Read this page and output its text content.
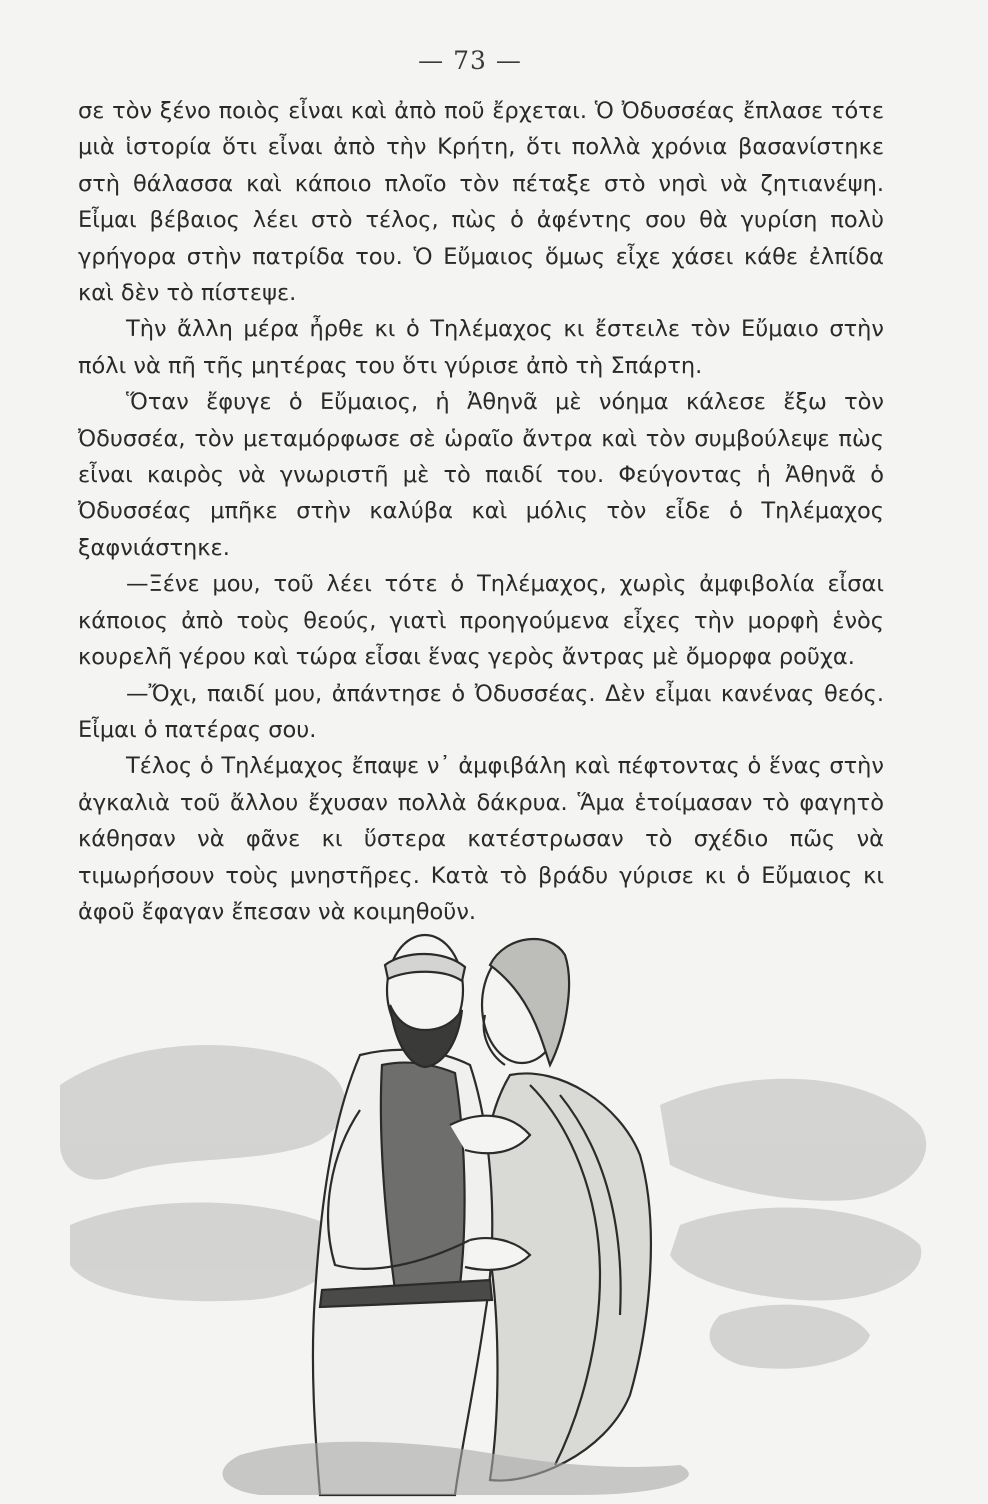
— 73 —

σε τὸν ξένο ποιὸς εἶναι καὶ ἀπὸ ποῦ ἔρχεται. Ὁ Ὀδυσσέας ἔπλασε τότε μιὰ ἱστορία ὅτι εἶναι ἀπὸ τὴν Κρήτη, ὅτι πολλὰ χρόνια βασανίστηκε στὴ θάλασσα καὶ κάποιο πλοῖο τὸν πέταξε στὸ νησὶ νὰ ζητιανέψη. Εἶμαι βέβαιος λέει στὸ τέλος, πὼς ὁ ἀφέντης σου θὰ γυρίση πολὺ γρήγορα στὴν πατρίδα του. Ὁ Εὔμαιος ὅμως εἶχε χάσει κάθε ἐλπίδα καὶ δὲν τὸ πίστεψε.

Τὴν ἄλλη μέρα ἦρθε κι ὁ Τηλέμαχος κι ἔστειλε τὸν Εὔμαιο στὴν πόλι νὰ πῆ τῆς μητέρας του ὅτι γύρισε ἀπὸ τὴ Σπάρτη.

Ὅταν ἔφυγε ὁ Εὔμαιος, ἡ Ἀθηνᾶ μὲ νόημα κάλεσε ἔξω τὸν Ὀδυσσέα, τὸν μεταμόρφωσε σὲ ὡραῖο ἄντρα καὶ τὸν συμβούλεψε πὼς εἶναι καιρὸς νὰ γνωριστῆ μὲ τὸ παιδί του. Φεύγοντας ἡ Ἀθηνᾶ ὁ Ὀδυσσέας μπῆκε στὴν καλύβα καὶ μόλις τὸν εἶδε ὁ Τηλέμαχος ξαφνιάστηκε.

—Ξένε μου, τοῦ λέει τότε ὁ Τηλέμαχος, χωρὶς ἀμφιβολία εἶσαι κάποιος ἀπὸ τοὺς θεούς, γιατὶ προηγούμενα εἶχες τὴν μορφὴ ἑνὸς κουρελῆ γέρου καὶ τώρα εἶσαι ἕνας γερὸς ἄντρας μὲ ὄμορφα ροῦχα.

—Ὄχι, παιδί μου, ἀπάντησε ὁ Ὀδυσσέας. Δὲν εἶμαι κανένας θεός. Εἶμαι ὁ πατέρας σου.

Τέλος ὁ Τηλέμαχος ἔπαψε ν᾽ ἀμφιβάλη καὶ πέφτοντας ὁ ἕνας στὴν ἀγκαλιὰ τοῦ ἄλλου ἔχυσαν πολλὰ δάκρυα. Ἅμα ἑτοίμασαν τὸ φαγητὸ κάθησαν νὰ φᾶνε κι ὕστερα κατέστρωσαν τὸ σχέδιο πῶς νὰ τιμωρήσουν τοὺς μνηστῆρες. Κατὰ τὸ βράδυ γύρισε κι ὁ Εὔμαιος κι ἀφοῦ ἔφαγαν ἔπεσαν νὰ κοιμηθοῦν.
